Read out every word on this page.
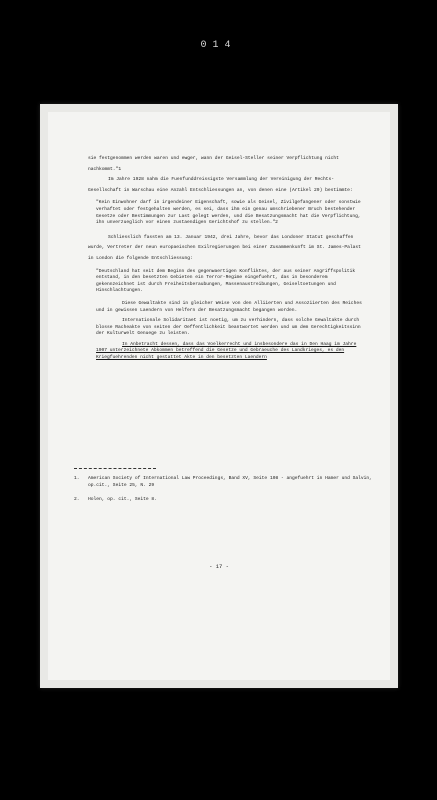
014

sie festgenommen werden waren und ewger, wann der Geisel-Steller seiner Verpflichtung nicht nachkommt."1

Im Jahre 1928 nahm die Fuenfunddreissigste Versammlung der Vereinigung der Rechts-Gesellschaft in Warschau eine Anzahl Entschliessungen an, von denen eine (Artikel 29) bestimmte:

"Kein Einwohner darf in irgendeiner Eigenschaft, sowie als Geisel, Zivilgefangener oder sonstwie verhaftet oder festgehalten werden, es sei, dass ihm ein genau umschriebener Bruch bestehender Gesetze oder Bestimmungen zur Last gelegt werden, und die Besatzungsmacht hat die Verpflichtung, ihn unverzueglich vor einen zustaendigen Gerichtshof zu stellen."2

Schliesslich fassten am 13. Januar 1942, drei Jahre, bevor das Londoner Statut geschaffen wurde, Vertreter der neun europaeischen Exilregierungen bei einer Zusammenkunft im St. James-Palast in London die folgende Entschliessung:

"Deutschland hat seit dem Beginn des gegenwaertigen Konfliktes, der aus seiner Angriffspolitik entstand, in den besetzten Gebieten ein Terror-Regime eingefuehrt, das in besonderem gekennzeichnet ist durch Freiheitsberaubungen, Massenaustreibungen, Geiseltoetungen und Hinschlachtungen.

Diese Gewaltakte sind in gleicher Weise von den Alliierten und Assoziierten des Reiches und in gewissen Laendern von Helfern der Besatzungsmacht begangen worden.

Internationale Solidaritaet ist noetig, um zu verhindern, dass solche Gewaltakte durch blosse Racheakte von seiten der Oeffentlichkeit beantwortet werden und um dem Gerechtigkeitssinn der Kulturwelt Genuege zu leisten.

In Anbetracht dessen, dass das Voelkerrecht und insbesondere das in Den Haag im Jahre 1907 unterzeichnete Abkommen betreffend die Gesetze und Gebraeuche des Landkrieges, es den Kriegfuehrenden nicht gestattet Akte in den besetzten Laendern

1.	American Society of International Law Proceedings, Band XV, Seite 108 - angefuehrt in Hamer und Salvin, op.cit., Seite 25, N. 29
2.	Holen, op. cit., Seite 8.
- 17 -
